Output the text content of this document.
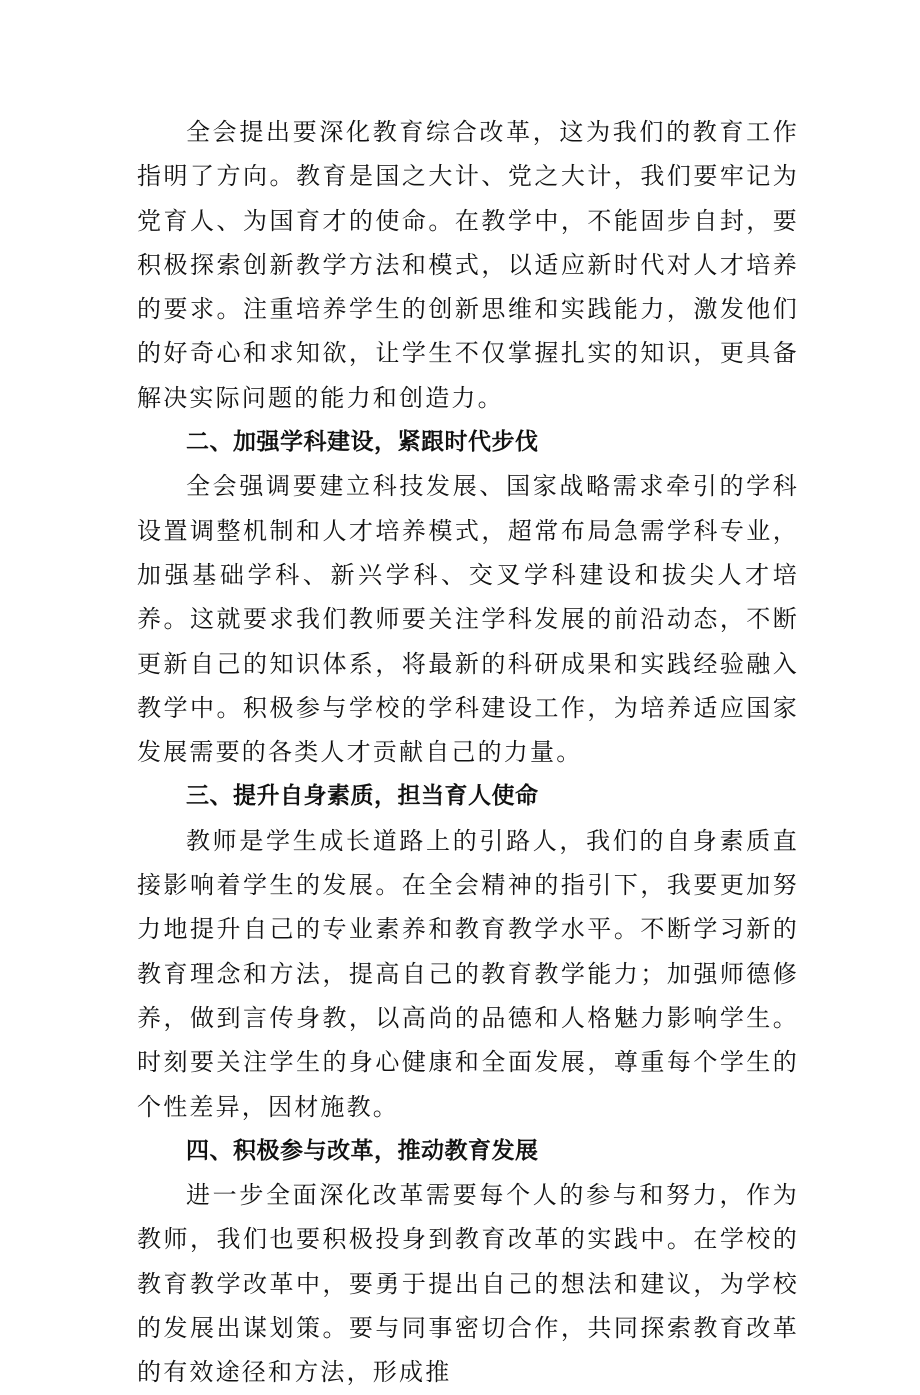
全会提出要深化教育综合改革，这为我们的教育工作指明了方向。教育是国之大计、党之大计，我们要牢记为党育人、为国育才的使命。在教学中，不能固步自封，要积极探索创新教学方法和模式，以适应新时代对人才培养的要求。注重培养学生的创新思维和实践能力，激发他们的好奇心和求知欲，让学生不仅掌握扎实的知识，更具备解决实际问题的能力和创造力。

二、加强学科建设，紧跟时代步伐

全会强调要建立科技发展、国家战略需求牵引的学科设置调整机制和人才培养模式，超常布局急需学科专业，加强基础学科、新兴学科、交叉学科建设和拔尖人才培养。这就要求我们教师要关注学科发展的前沿动态，不断更新自己的知识体系，将最新的科研成果和实践经验融入教学中。积极参与学校的学科建设工作，为培养适应国家发展需要的各类人才贡献自己的力量。

三、提升自身素质，担当育人使命

教师是学生成长道路上的引路人，我们的自身素质直接影响着学生的发展。在全会精神的指引下，我要更加努力地提升自己的专业素养和教育教学水平。不断学习新的教育理念和方法，提高自己的教育教学能力；加强师德修养，做到言传身教，以高尚的品德和人格魅力影响学生。时刻要关注学生的身心健康和全面发展，尊重每个学生的个性差异，因材施教。

四、积极参与改革，推动教育发展

进一步全面深化改革需要每个人的参与和努力，作为教师，我们也要积极投身到教育改革的实践中。在学校的教育教学改革中，要勇于提出自己的想法和建议，为学校的发展出谋划策。要与同事密切合作，共同探索教育改革的有效途径和方法，形成推
